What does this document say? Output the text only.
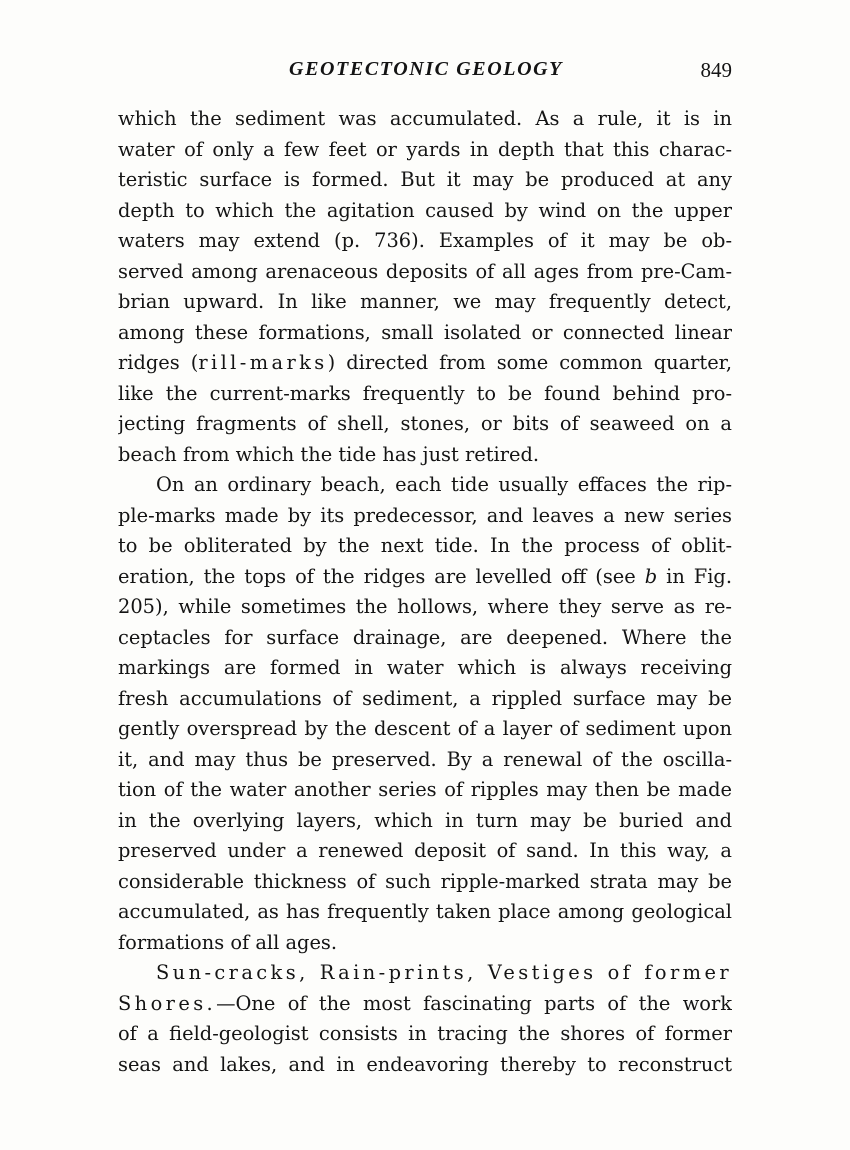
GEOTECTONIC GEOLOGY	849
which the sediment was accumulated. As a rule, it is in
water of only a few feet or yards in depth that this charac-
teristic surface is formed. But it may be produced at any
depth to which the agitation caused by wind on the upper
waters may extend (p. 736). Examples of it may be ob-
served among arenaceous deposits of all ages from pre-Cam-
brian upward. In like manner, we may frequently detect,
among these formations, small isolated or connected linear
ridges (rill-marks) directed from some common quarter,
like the current-marks frequently to be found behind pro-
jecting fragments of shell, stones, or bits of seaweed on a
beach from which the tide has just retired.
On an ordinary beach, each tide usually effaces the rip-
ple-marks made by its predecessor, and leaves a new series
to be obliterated by the next tide. In the process of oblit-
eration, the tops of the ridges are levelled off (see b in Fig.
205), while sometimes the hollows, where they serve as re-
ceptacles for surface drainage, are deepened. Where the
markings are formed in water which is always receiving
fresh accumulations of sediment, a rippled surface may be
gently overspread by the descent of a layer of sediment upon
it, and may thus be preserved. By a renewal of the oscilla-
tion of the water another series of ripples may then be made
in the overlying layers, which in turn may be buried and
preserved under a renewed deposit of sand. In this way, a
considerable thickness of such ripple-marked strata may be
accumulated, as has frequently taken place among geological
formations of all ages.
Sun-cracks, Rain-prints, Vestiges of former
Shores.—One of the most fascinating parts of the work
of a field-geologist consists in tracing the shores of former
seas and lakes, and in endeavoring thereby to reconstruct
